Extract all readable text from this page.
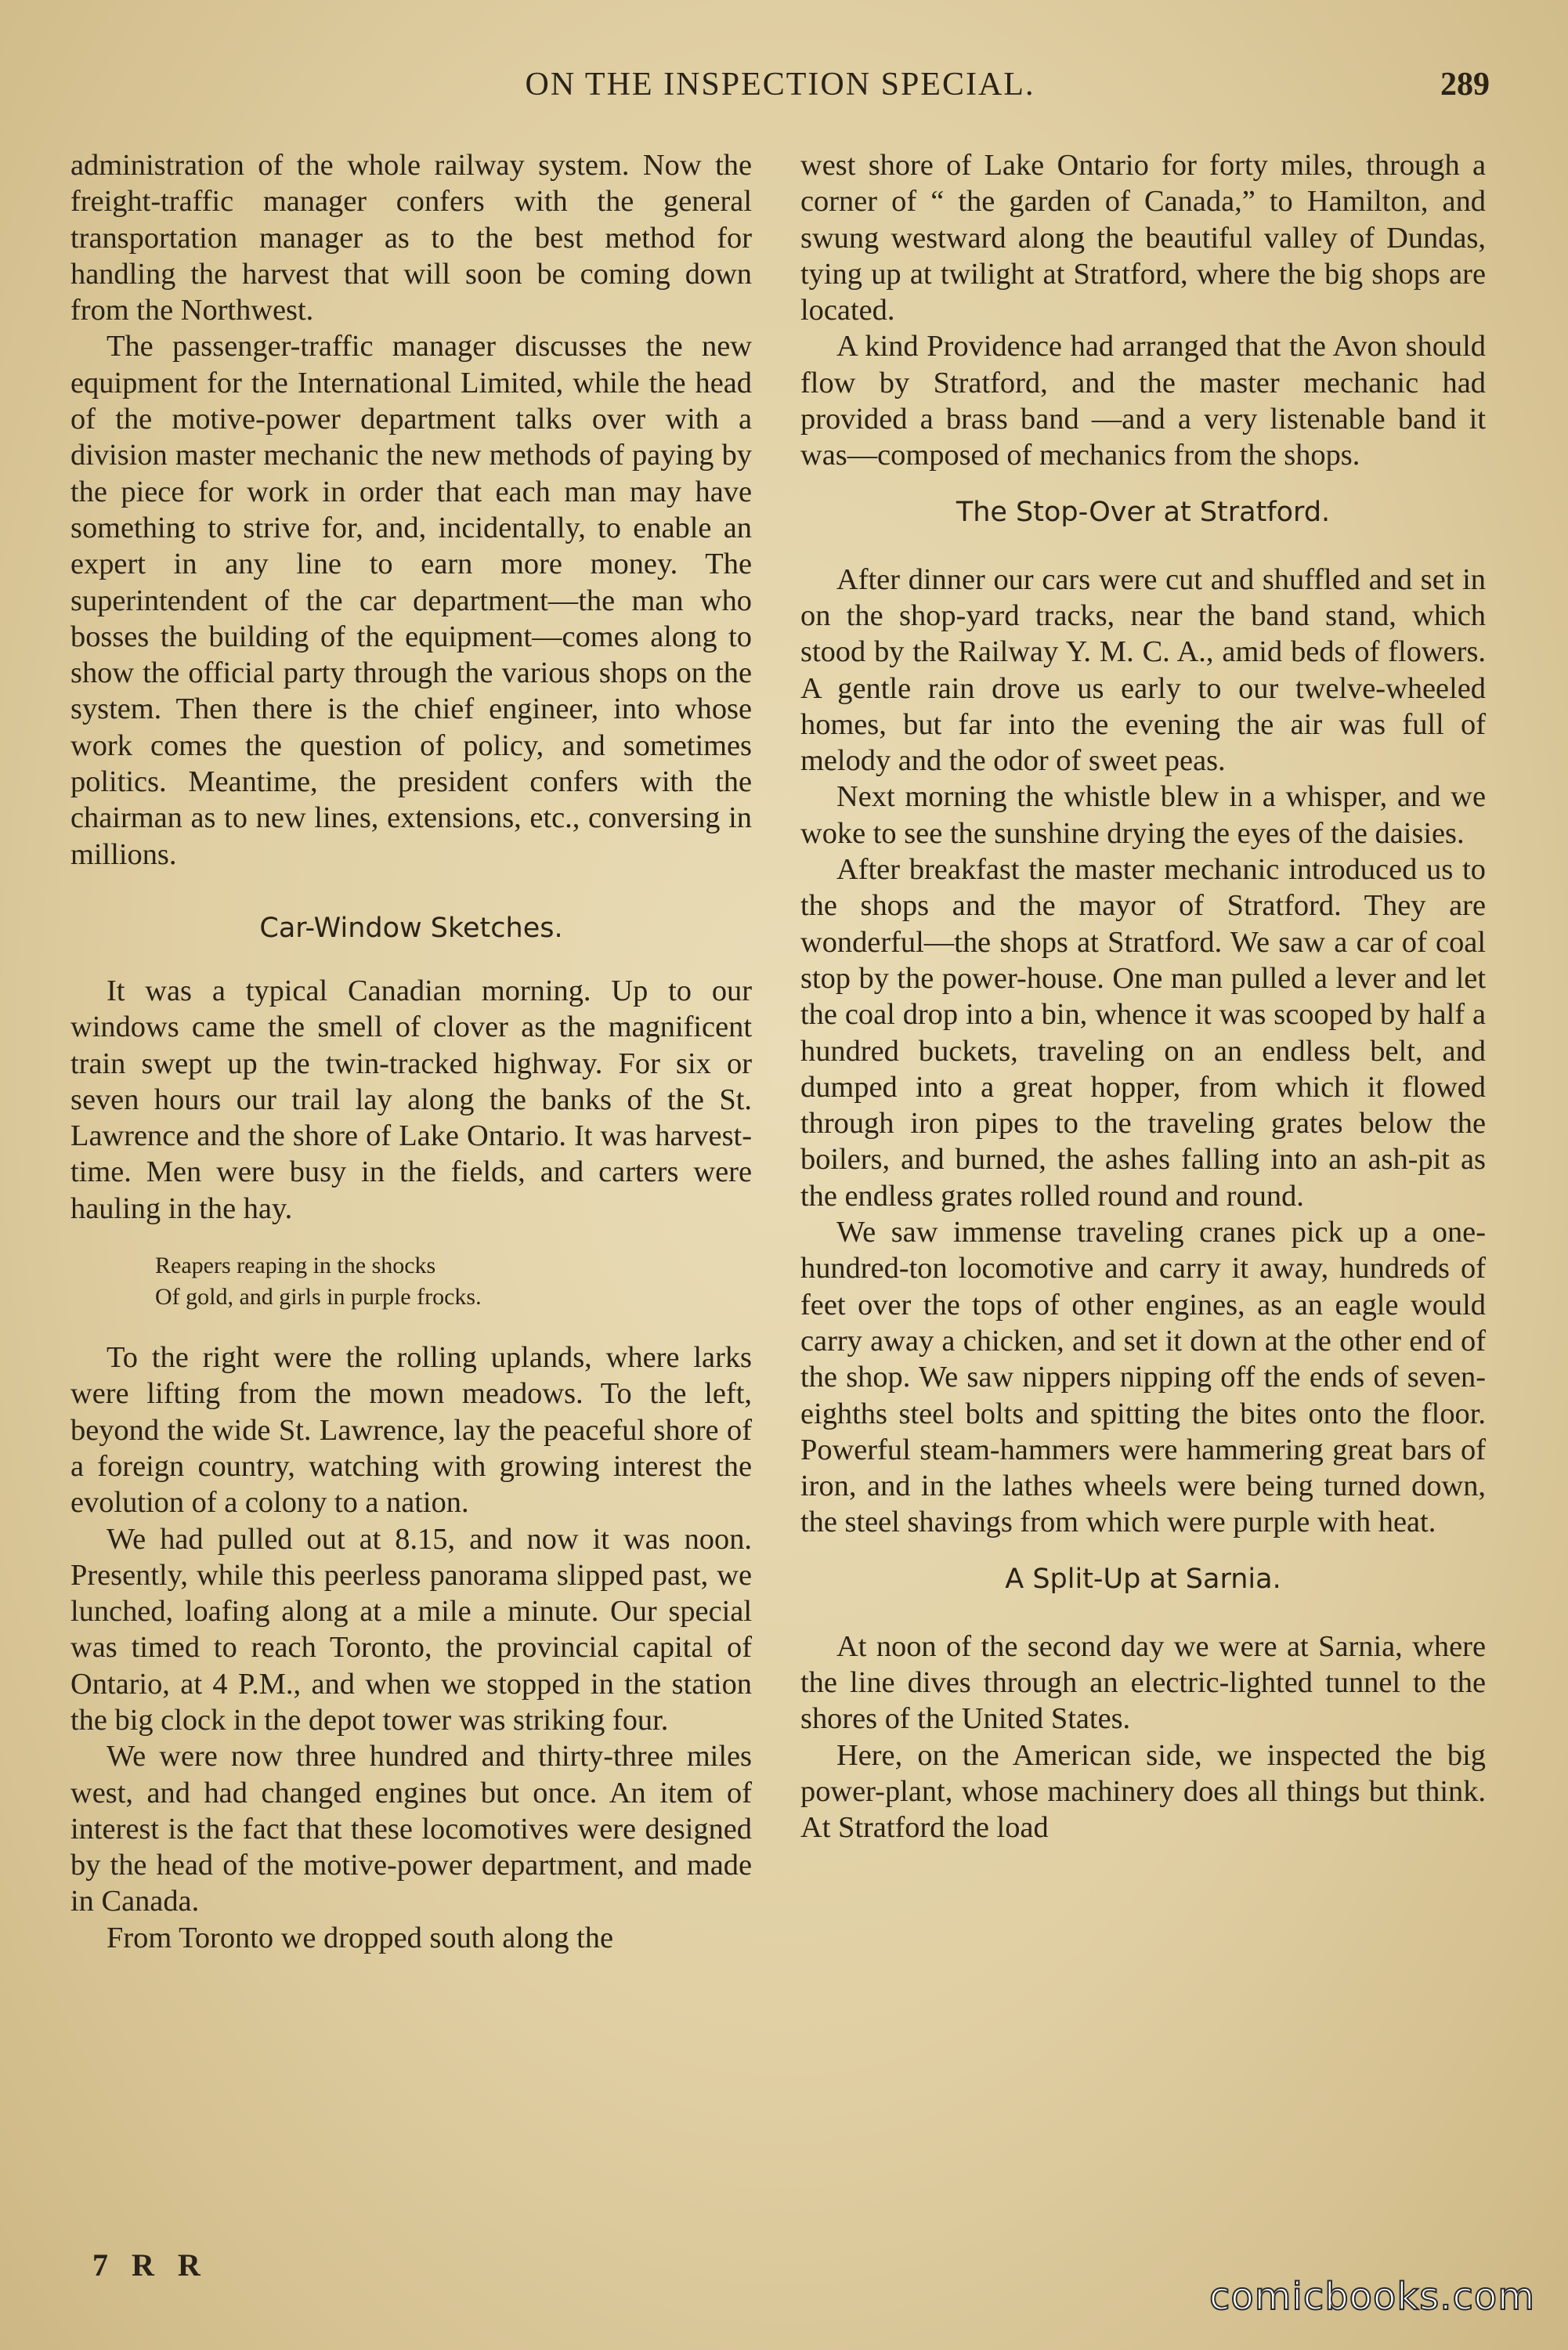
ON THE INSPECTION SPECIAL.	289

administration of the whole railway system. Now the freight-traffic manager confers with the general transportation manager as to the best method for handling the harvest that will soon be coming down from the Northwest.

The passenger-traffic manager discusses the new equipment for the International Limited, while the head of the motive-power department talks over with a division master mechanic the new methods of paying by the piece for work in order that each man may have something to strive for, and, incidentally, to enable an expert in any line to earn more money. The superintendent of the car department—the man who bosses the building of the equipment—comes along to show the official party through the various shops on the system. Then there is the chief engineer, into whose work comes the question of policy, and sometimes politics. Meantime, the president confers with the chairman as to new lines, extensions, etc., conversing in millions.

Car-Window Sketches.

It was a typical Canadian morning. Up to our windows came the smell of clover as the magnificent train swept up the twin-tracked highway. For six or seven hours our trail lay along the banks of the St. Lawrence and the shore of Lake Ontario. It was harvest-time. Men were busy in the fields, and carters were hauling in the hay.

Reapers reaping in the shocks
Of gold, and girls in purple frocks.

To the right were the rolling uplands, where larks were lifting from the mown meadows. To the left, beyond the wide St. Lawrence, lay the peaceful shore of a foreign country, watching with growing interest the evolution of a colony to a nation.

We had pulled out at 8.15, and now it was noon. Presently, while this peerless panorama slipped past, we lunched, loafing along at a mile a minute. Our special was timed to reach Toronto, the provincial capital of Ontario, at 4 P.M., and when we stopped in the station the big clock in the depot tower was striking four.

We were now three hundred and thirty-three miles west, and had changed engines but once. An item of interest is the fact that these locomotives were designed by the head of the motive-power department, and made in Canada.

From Toronto we dropped south along the

west shore of Lake Ontario for forty miles, through a corner of “ the garden of Canada,” to Hamilton, and swung westward along the beautiful valley of Dundas, tying up at twilight at Stratford, where the big shops are located.

A kind Providence had arranged that the Avon should flow by Stratford, and the master mechanic had provided a brass band —and a very listenable band it was—composed of mechanics from the shops.

The Stop-Over at Stratford.

After dinner our cars were cut and shuffled and set in on the shop-yard tracks, near the band stand, which stood by the Railway Y. M. C. A., amid beds of flowers. A gentle rain drove us early to our twelve-wheeled homes, but far into the evening the air was full of melody and the odor of sweet peas.

Next morning the whistle blew in a whisper, and we woke to see the sunshine drying the eyes of the daisies.

After breakfast the master mechanic introduced us to the shops and the mayor of Stratford. They are wonderful—the shops at Stratford. We saw a car of coal stop by the power-house. One man pulled a lever and let the coal drop into a bin, whence it was scooped by half a hundred buckets, traveling on an endless belt, and dumped into a great hopper, from which it flowed through iron pipes to the traveling grates below the boilers, and burned, the ashes falling into an ash-pit as the endless grates rolled round and round.

We saw immense traveling cranes pick up a one-hundred-ton locomotive and carry it away, hundreds of feet over the tops of other engines, as an eagle would carry away a chicken, and set it down at the other end of the shop. We saw nippers nipping off the ends of seven-eighths steel bolts and spitting the bites onto the floor. Powerful steam-hammers were hammering great bars of iron, and in the lathes wheels were being turned down, the steel shavings from which were purple with heat.

A Split-Up at Sarnia.

At noon of the second day we were at Sarnia, where the line dives through an electric-lighted tunnel to the shores of the United States.

Here, on the American side, we inspected the big power-plant, whose machinery does all things but think. At Stratford the load

7 R R
comicbooks.com
